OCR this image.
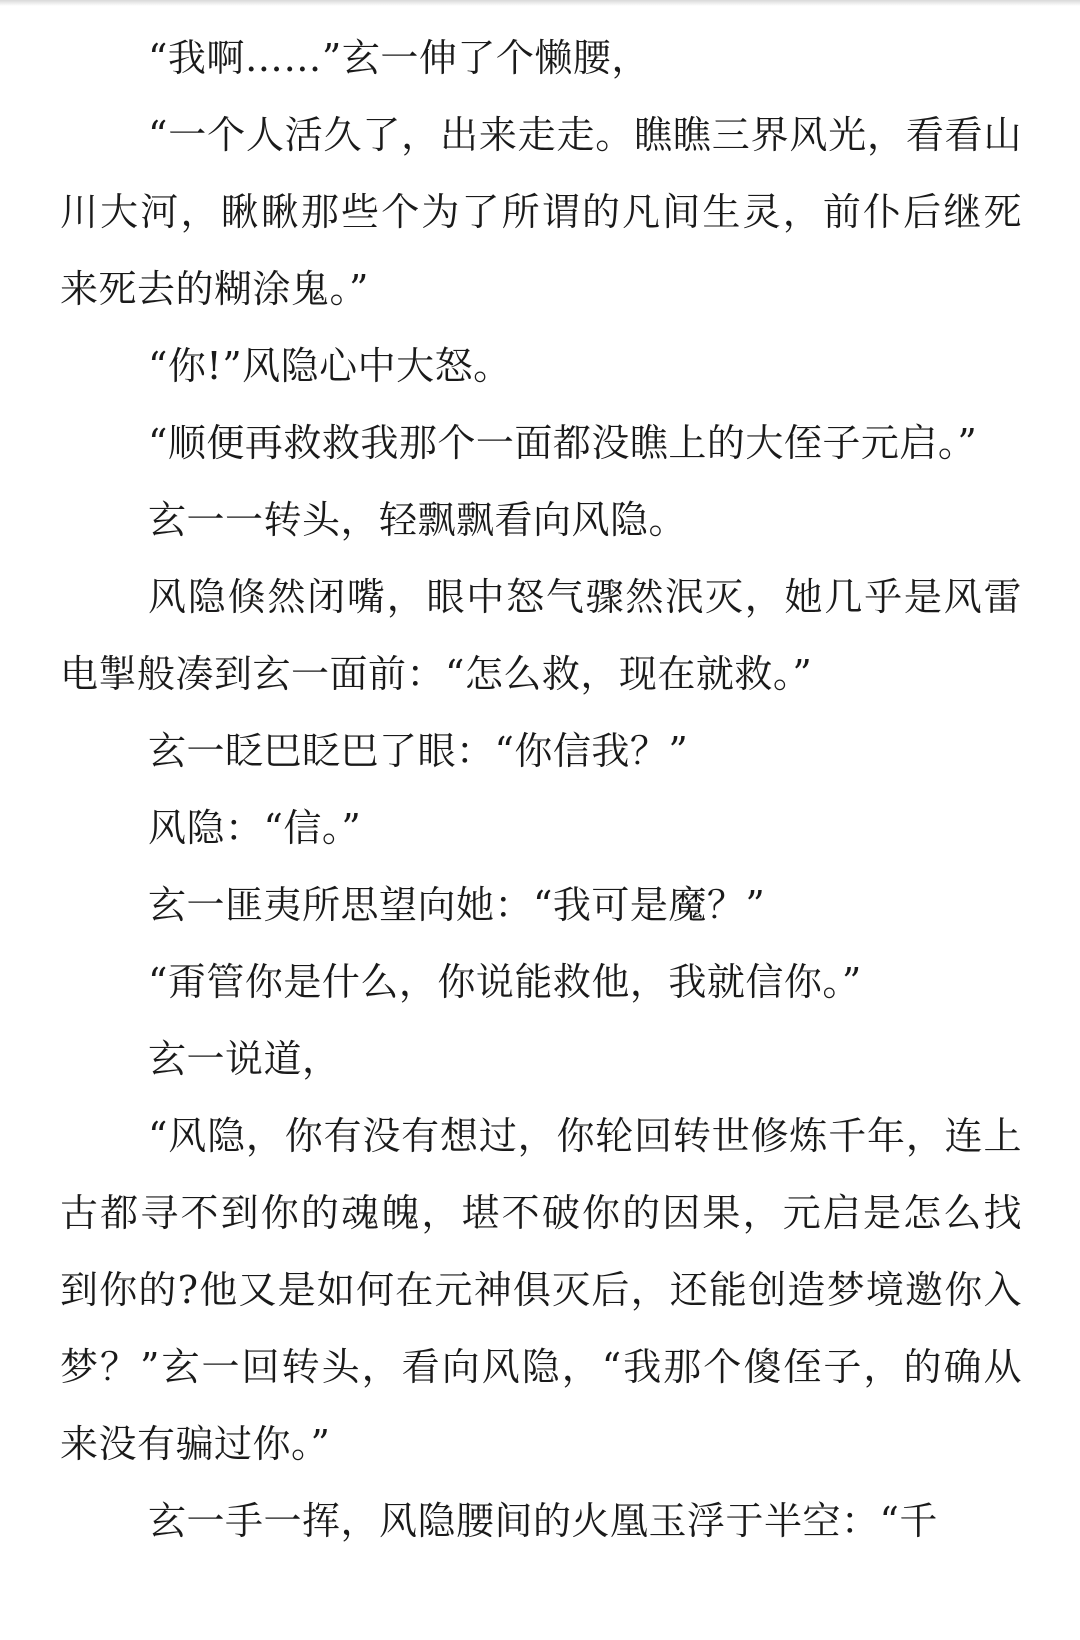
“我啊……”玄一伸了个懒腰，

“一个人活久了，出来走走。瞧瞧三界风光，看看山川大河，瞅瞅那些个为了所谓的凡间生灵，前仆后继死来死去的糊涂鬼。”

“你!”风隐心中大怒。

“顺便再救救我那个一面都没瞧上的大侄子元启。”

玄一一转头，轻飘飘看向风隐。

风隐倏然闭嘴，眼中怒气骤然泯灭，她几乎是风雷电掣般凑到玄一面前：“怎么救，现在就救。”

玄一眨巴眨巴了眼：“你信我？”

风隐：“信。”

玄一匪夷所思望向她：“我可是魔？”

“甭管你是什么，你说能救他，我就信你。”

玄一说道，

“风隐，你有没有想过，你轮回转世修炼千年，连上古都寻不到你的魂魄，堪不破你的因果，元启是怎么找到你的?他又是如何在元神俱灭后，还能创造梦境邀你入梦？”玄一回转头，看向风隐，“我那个傻侄子，的确从来没有骗过你。”

玄一手一挥，风隐腰间的火凰玉浮于半空：“千
